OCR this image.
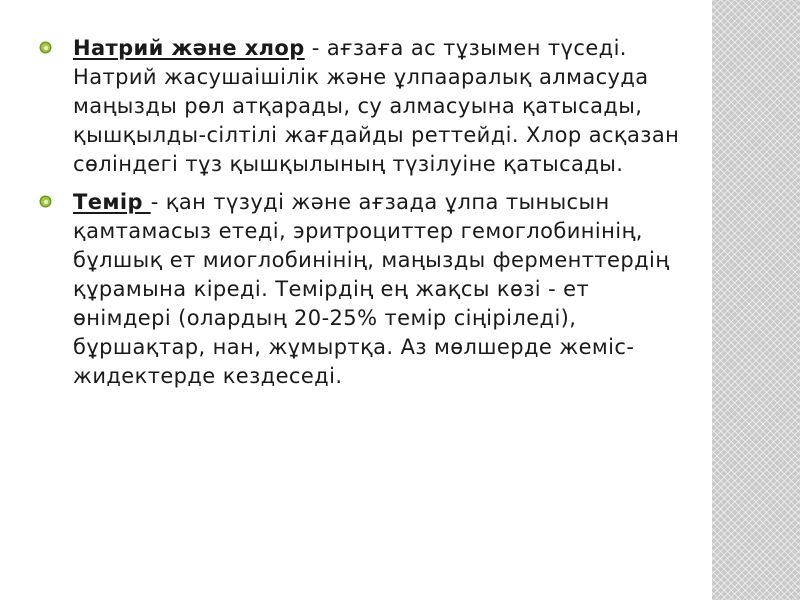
Натрий және хлор - ағзаға ас тұзымен түседі. Натрий жасушаішілік және ұлпааралық алмасуда маңызды рөл атқарады, су алмасуына қатысады, қышқылды-сілтілі жағдайды реттейді. Хлор асқазан сөліндегі тұз қышқылының түзілуіне қатысады.
Темір - қан түзуді және ағзада ұлпа тынысын қамтамасыз етеді, эритроциттер гемоглобинінің, бұлшық ет миоглобинінің, маңызды ферменттердің құрамына кіреді. Темірдің ең жақсы көзі - ет өнімдері (олардың 20-25% темір сіңіріледі), бұршақтар, нан, жұмыртқа. Аз мөлшерде жеміс-жидектерде кездеседі.
